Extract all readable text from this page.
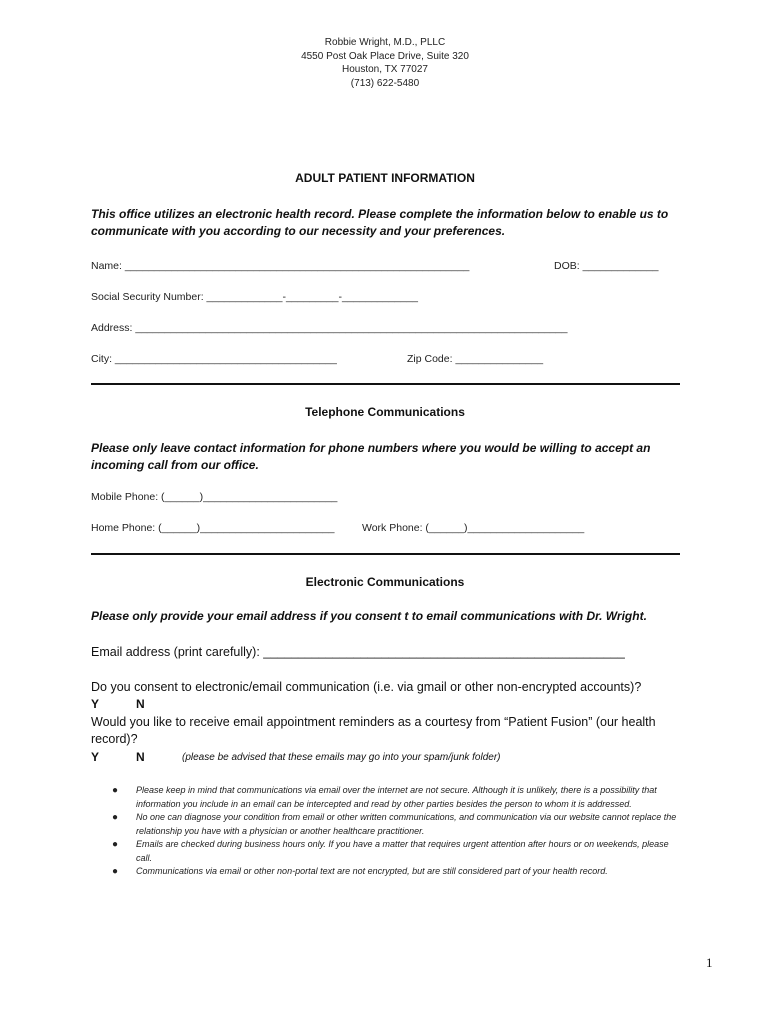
Robbie Wright, M.D., PLLC
4550 Post Oak Place Drive, Suite 320
Houston, TX 77027
(713) 622-5480
ADULT PATIENT INFORMATION
This office utilizes an electronic health record. Please complete the information below to enable us to communicate with you according to our necessity and your preferences.
Name: ___________________________________________________________	DOB: _____________
Social Security Number: _____________-_________-_____________
Address: __________________________________________________________________________
City: ______________________________________	Zip Code: _______________
Telephone Communications
Please only leave contact information for phone numbers where you would be willing to accept an incoming call from our office.
Mobile Phone: (______)_______________________
Home Phone: (______)_______________________	Work Phone: (______)____________________
Electronic Communications
Please only provide your email address if you consent t to email communications with Dr. Wright.
Email address (print carefully): ____________________________________________________
Do you consent to electronic/email communication (i.e. via gmail or other non-encrypted accounts)?
Y	N
Would you like to receive email appointment reminders as a courtesy from “Patient Fusion” (our health record)?
Y	N	(please be advised that these emails may go into your spam/junk folder)
● Please keep in mind that communications via email over the internet are not secure. Although it is unlikely, there is a possibility that information you include in an email can be intercepted and read by other parties besides the person to whom it is addressed.
● No one can diagnose your condition from email or other written communications, and communication via our website cannot replace the relationship you have with a physician or another healthcare practitioner.
● Emails are checked during business hours only. If you have a matter that requires urgent attention after hours or on weekends, please call.
● Communications via email or other non-portal text are not encrypted, but are still considered part of your health record.
1
